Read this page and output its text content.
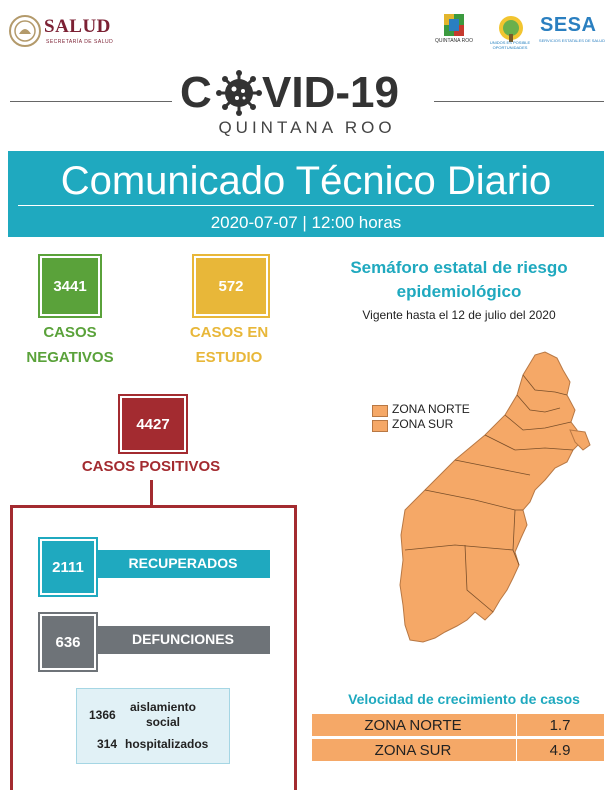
SALUD
SECRETARÍA DE SALUD	QUINTANA ROO	UNIDOS ES POSIBLE OPORTUNIDADES
SESA
SERVICIOS ESTATALES DE SALUD
C VID-19
QUINTANA ROO
Comunicado Técnico Diario
2020-07-07 | 12:00 horas
3441
CASOS NEGATIVOS
572
CASOS EN ESTUDIO
4427
CASOS POSITIVOS
2111	RECUPERADOS
636	DEFUNCIONES
1366
aislamiento social
314 hospitalizados
Semáforo estatal de riesgo epidemiológico
Vigente hasta el 12 de julio del 2020
ZONA NORTE
ZONA SUR
Velocidad de crecimiento de casos
ZONA NORTE	1.7
ZONA SUR	4.9
